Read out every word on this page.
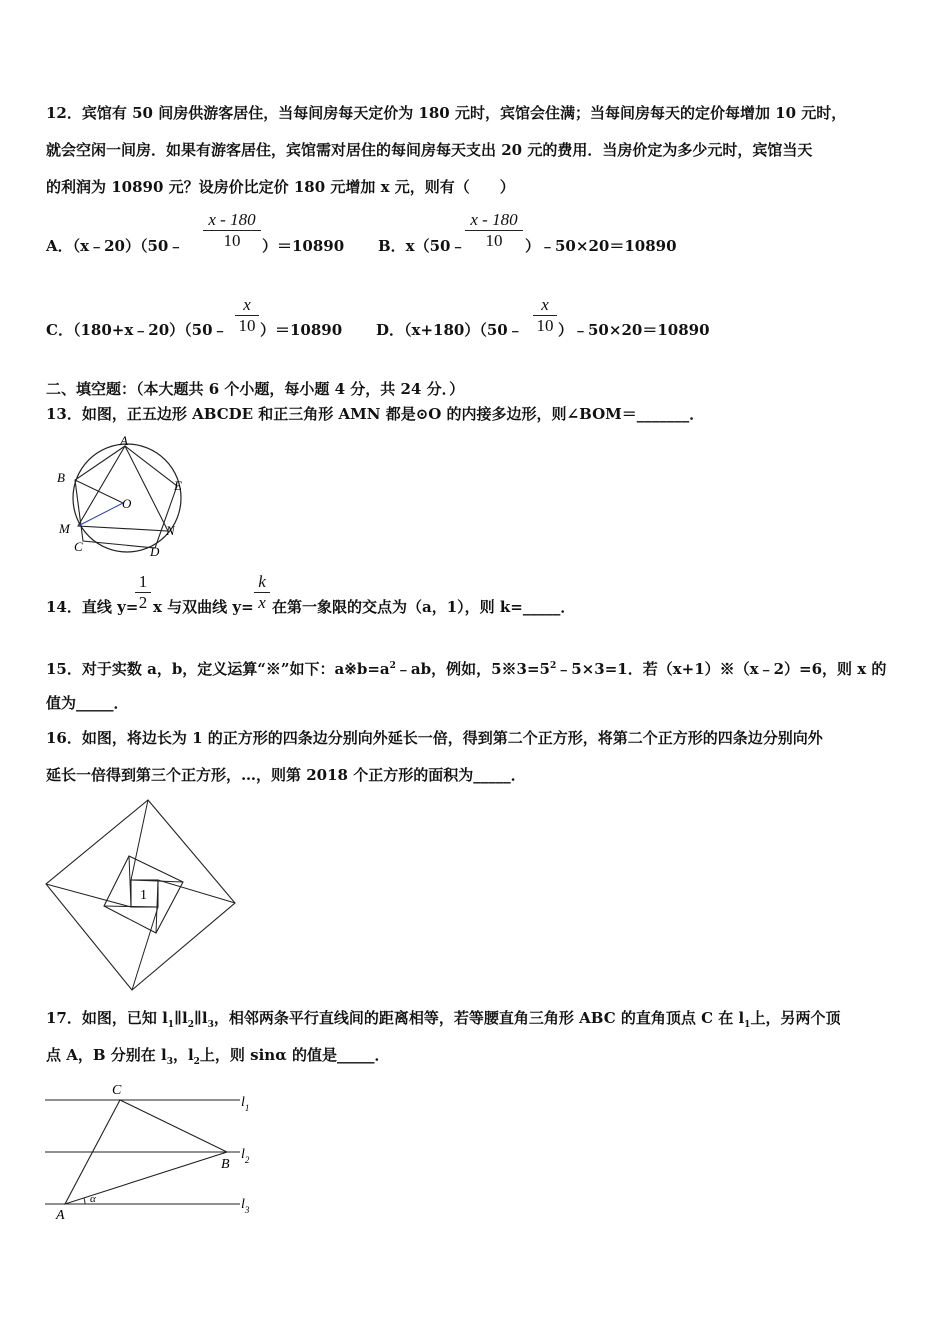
12．宾馆有 50 间房供游客居住，当每间房每天定价为 180 元时，宾馆会住满；当每间房每天的定价每增加 10 元时，
就会空闲一间房．如果有游客居住，宾馆需对居住的每间房每天支出 20 元的费用．当房价定为多少元时，宾馆当天
的利润为 10890 元？设房价比定价 180 元增加 x 元，则有（　　）
A．（x﹣20）（50﹣
x - 180
10	）＝10890 B．x（50﹣
x - 180
10	）﹣50×20＝10890
C．（180+x﹣20）（50﹣
x
10 ）＝10890 D．（x+180）（50﹣
x
10 ）﹣50×20＝10890
二、填空题：（本大题共 6 个小题，每小题 4 分，共 24 分．）
13．如图，正五边形 ABCDE 和正三角形 AMN 都是⊙O 的内接多边形，则∠BOM＝_______．
A
B
E
O
M	N
C	D
14．直线 y=
1
2 x 与双曲线 y=
k
x 在第一象限的交点为（a，1），则 k=_____．
15．对于实数 a，b，定义运算“※”如下：$a※b=a^2﹣ab$，例如，$5※3=5^2﹣5\times 3=1$．若（x+1）※（x﹣2）=6，则 x 的
值为_____．
16．如图，将边长为 1 的正方形的四条边分别向外延长一倍，得到第二个正方形，将第二个正方形的四条边分别向外
延长一倍得到第三个正方形，…，则第 2018 个正方形的面积为_____．
1
17．如图，已知 $l_1\parallel l_2\parallel l_3$，相邻两条平行直线间的距离相等，若等腰直角三角形 ABC 的直角顶点 C 在 $l_1$上，另两个顶
点 A，B 分别在 $l_3$，$l_2$上，则 sinα 的值是_____．
C
B
A
α
$l_1$
$l_2$
$l_3$
